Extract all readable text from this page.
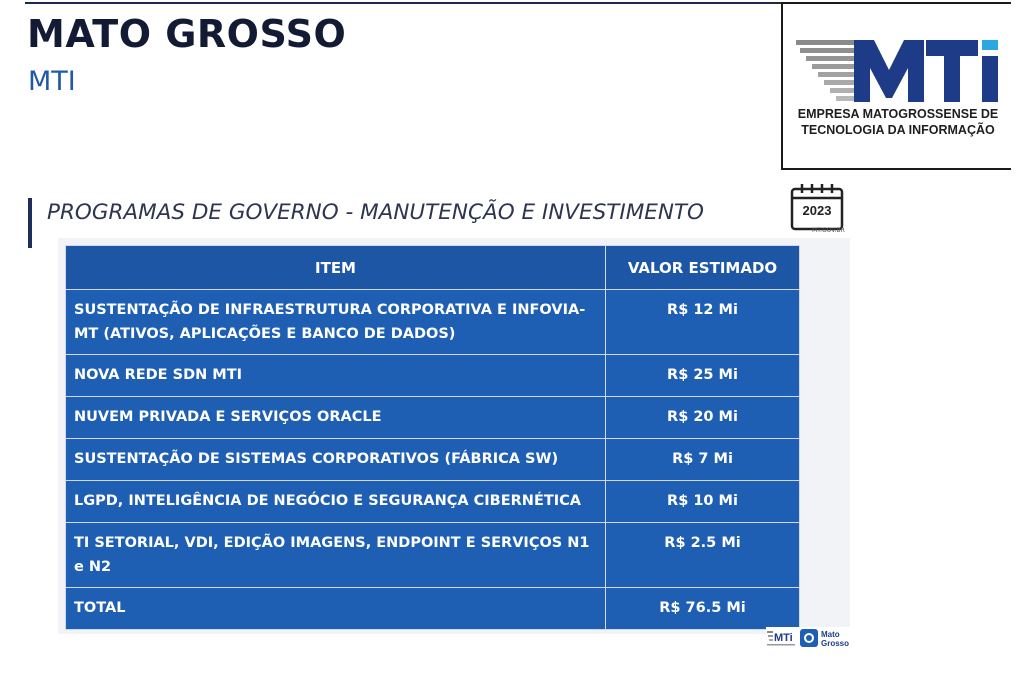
MATO GROSSO
MTI
EMPRESA MATOGROSSENSE DE
TECNOLOGIA DA INFORMAÇÃO
PROGRAMAS DE GOVERNO - MANUTENÇÃO E INVESTIMENTO	2023
MT.GOV.BR
ITEM	VALOR ESTIMADO
SUSTENTAÇÃO DE INFRAESTRUTURA CORPORATIVA E INFOVIA-MT (ATIVOS, APLICAÇÕES E BANCO DE DADOS)	R$ 12 Mi
NOVA REDE SDN MTI	R$ 25 Mi
NUVEM PRIVADA E SERVIÇOS ORACLE	R$ 20 Mi
SUSTENTAÇÃO DE SISTEMAS CORPORATIVOS (FÁBRICA SW)	R$ 7 Mi
LGPD, INTELIGÊNCIA DE NEGÓCIO E SEGURANÇA CIBERNÉTICA	R$ 10 Mi
TI SETORIAL, VDI, EDIÇÃO IMAGENS, ENDPOINT E SERVIÇOS N1 e N2	R$ 2.5 Mi
TOTAL	R$ 76.5 Mi
MTi	Mato
Grosso
